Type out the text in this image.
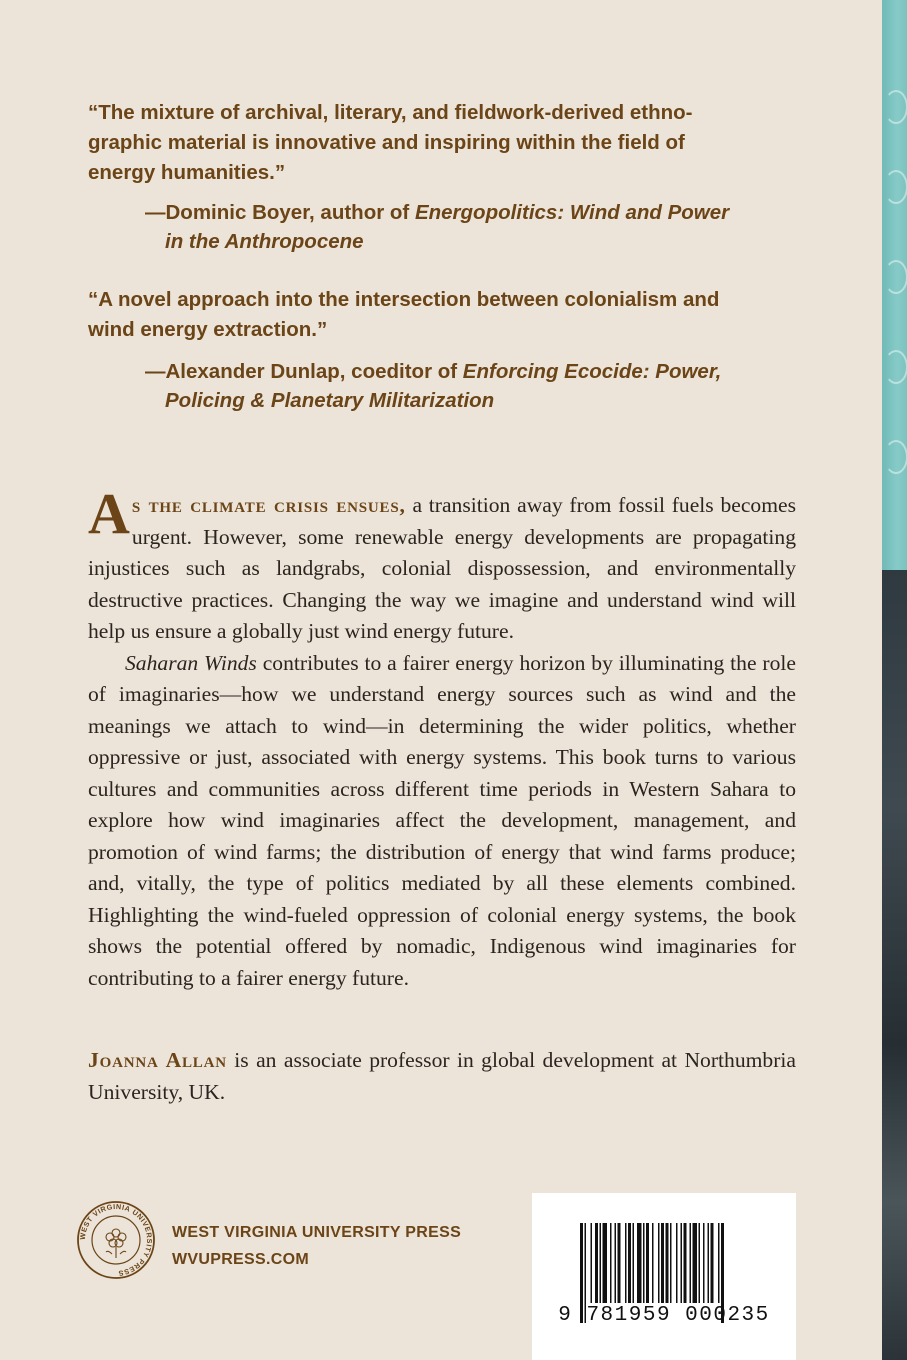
“The mixture of archival, literary, and fieldwork-derived ethno-
graphic material is innovative and inspiring within the field of
energy humanities.”
—Dominic Boyer, author of Energopolitics: Wind and Power
in the Anthropocene
“A novel approach into the intersection between colonialism and
wind energy extraction.”
—Alexander Dunlap, coeditor of Enforcing Ecocide: Power,
Policing & Planetary Militarization

As the climate crisis ensues, a transition away from fossil fuels becomes urgent. However, some renewable energy developments are propagating injustices such as landgrabs, colonial dispossession, and environmentally destructive practices. Changing the way we imagine and understand wind will help us ensure a globally just wind energy future.

Saharan Winds contributes to a fairer energy horizon by illuminating the role of imaginaries—how we understand energy sources such as wind and the meanings we attach to wind—in determining the wider politics, whether oppressive or just, associated with energy systems. This book turns to various cultures and communities across different time periods in Western Sahara to explore how wind imaginaries affect the development, management, and promotion of wind farms; the distribution of energy that wind farms produce; and, vitally, the type of politics mediated by all these elements combined. Highlighting the wind-fueled oppression of colonial energy systems, the book shows the potential offered by nomadic, Indigenous wind imaginaries for contributing to a fairer energy future.

Joanna Allan is an associate professor in global development at Northumbria University, UK.
WEST VIRGINIA UNIVERSITY PRESS
WEST VIRGINIA UNIVERSITY PRESS
WVUPRESS.COM
9 781959 000235
